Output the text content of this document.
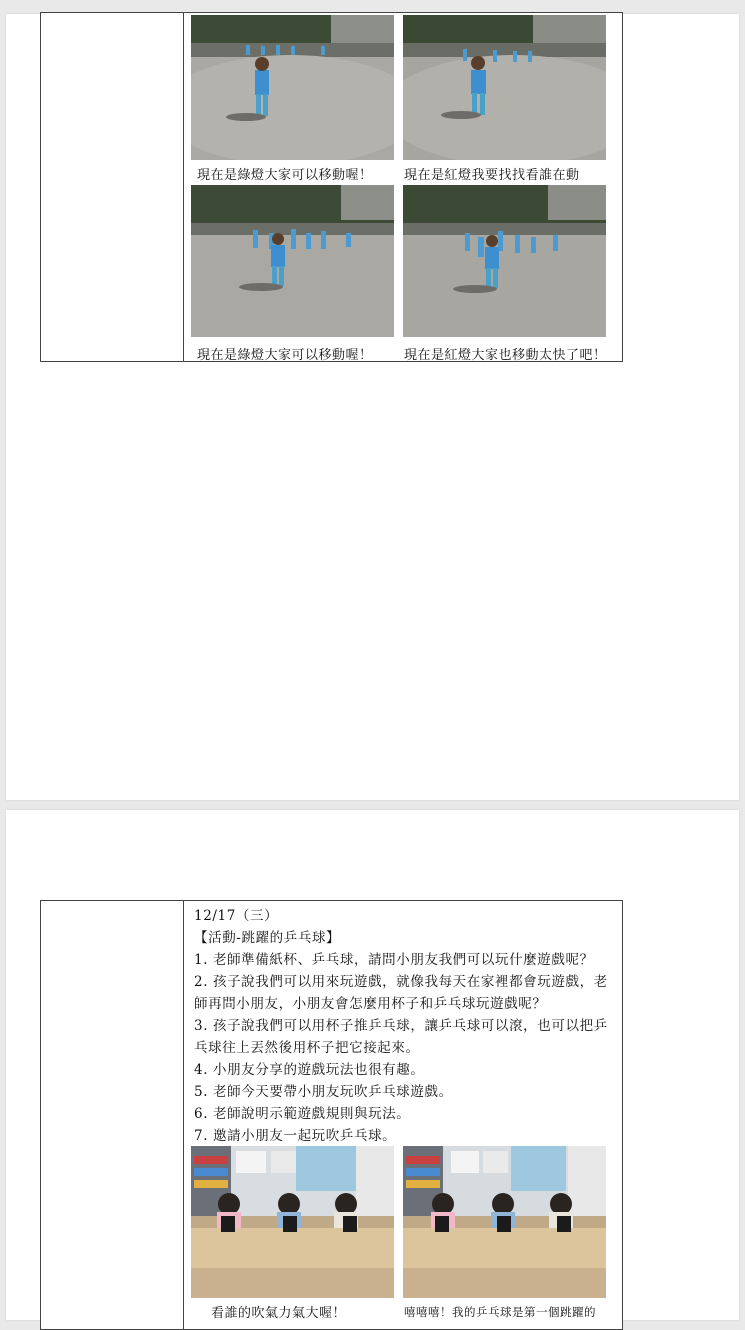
現在是綠燈大家可以移動喔！ 現在是紅燈我要找找看誰在動
現在是綠燈大家可以移動喔！ 現在是紅燈大家也移動太快了吧！
12/17（三）
【活動-跳躍的乒乓球】
1. 老師準備紙杯、乒乓球，請問小朋友我們可以玩什麼遊戲呢？
2. 孩子說我們可以用來玩遊戲，就像我每天在家裡都會玩遊戲，老
師再問小朋友，小朋友會怎麼用杯子和乒乓球玩遊戲呢？
3. 孩子說我們可以用杯子推乒乓球，讓乒乓球可以滾，也可以把乒
乓球往上丟然後用杯子把它接起來。
4. 小朋友分享的遊戲玩法也很有趣。
5. 老師今天要帶小朋友玩吹乒乓球遊戲。
6. 老師說明示範遊戲規則與玩法。
7. 邀請小朋友一起玩吹乒乓球。
看誰的吹氣力氣大喔！	嘻嘻嘻！我的乒乓球是第一個跳躍的
